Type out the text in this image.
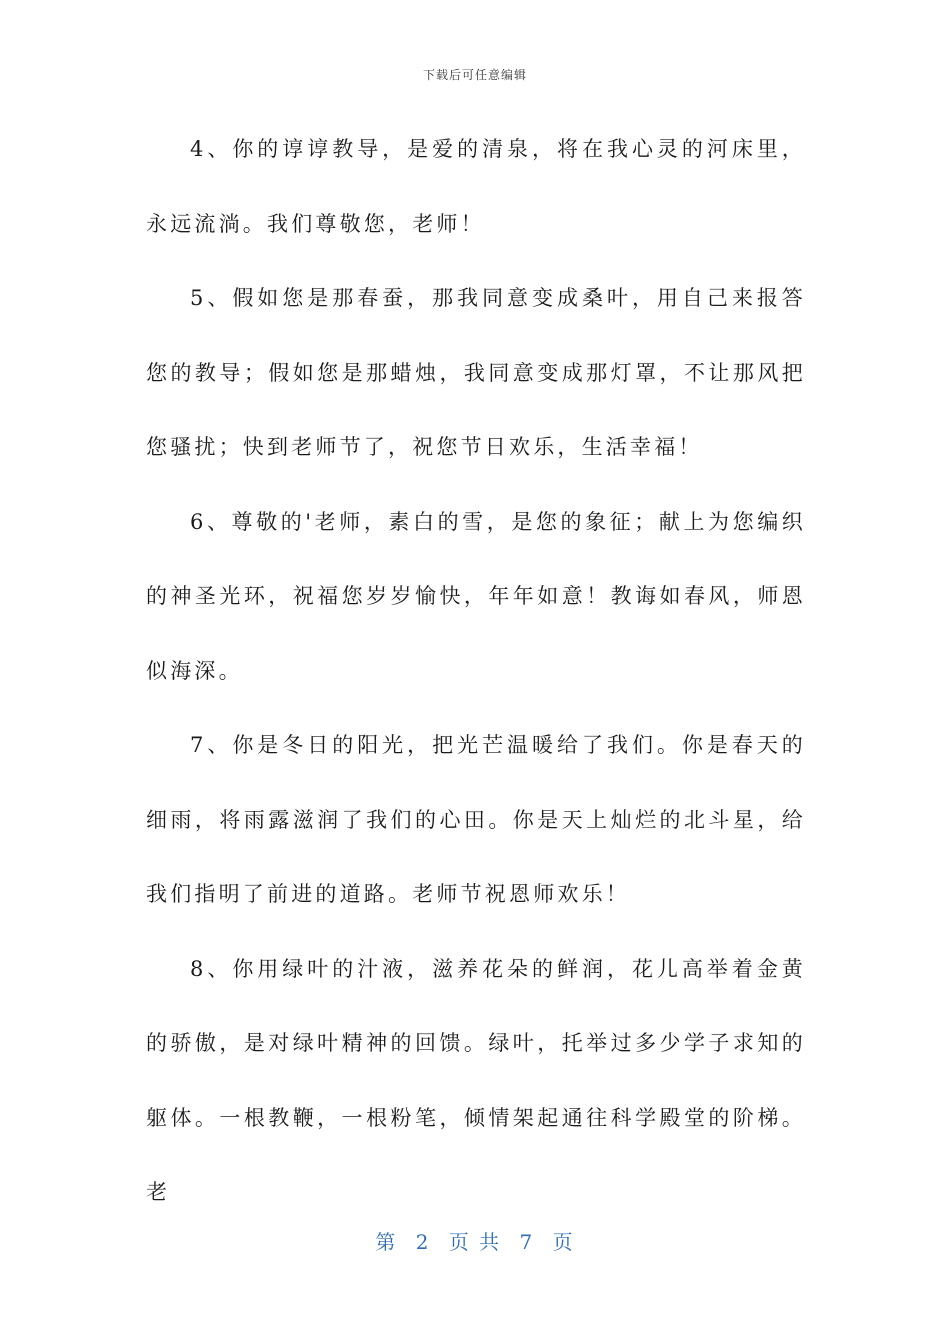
下载后可任意编辑

4、你的谆谆教导，是爱的清泉，将在我心灵的河床里，永远流淌。我们尊敬您，老师！

5、假如您是那春蚕，那我同意变成桑叶，用自己来报答您的教导；假如您是那蜡烛，我同意变成那灯罩，不让那风把您骚扰；快到老师节了，祝您节日欢乐，生活幸福！

6、尊敬的'老师，素白的雪，是您的象征；献上为您编织的神圣光环，祝福您岁岁愉快，年年如意！教诲如春风，师恩似海深。

7、你是冬日的阳光，把光芒温暖给了我们。你是春天的细雨，将雨露滋润了我们的心田。你是天上灿烂的北斗星，给我们指明了前进的道路。老师节祝恩师欢乐！

8、你用绿叶的汁液，滋养花朵的鲜润，花儿高举着金黄的骄傲，是对绿叶精神的回馈。绿叶，托举过多少学子求知的躯体。一根教鞭，一根粉笔，倾情架起通往科学殿堂的阶梯。老

第 2 页 共 7 页
